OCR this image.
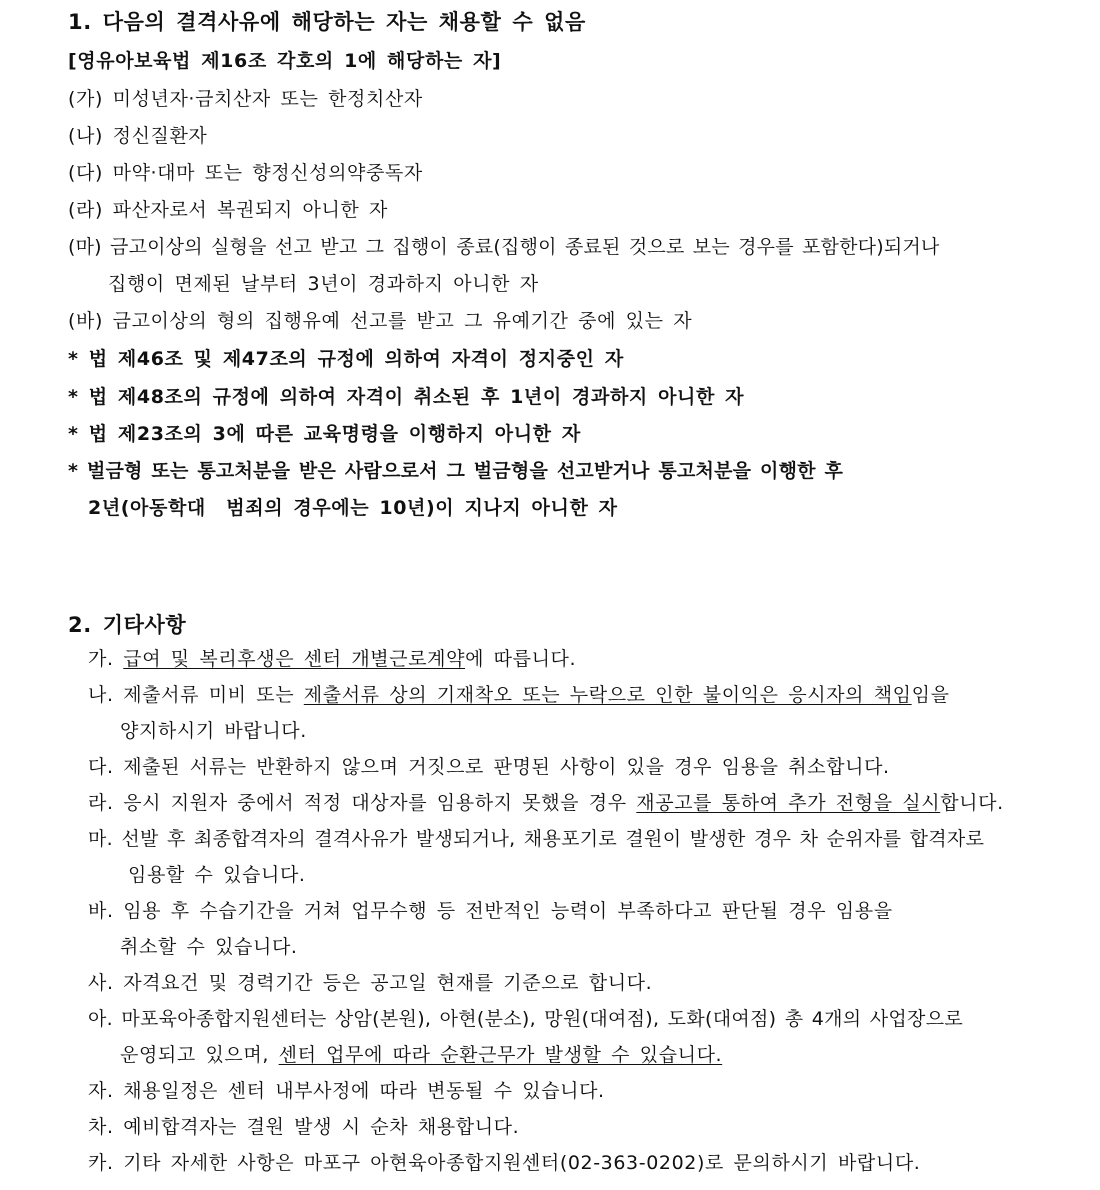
1. 다음의 결격사유에 해당하는 자는 채용할 수 없음
[영유아보육법 제16조 각호의 1에 해당하는 자]
(가) 미성년자·금치산자 또는 한정치산자
(나) 정신질환자
(다) 마약·대마 또는 향정신성의약중독자
(라) 파산자로서 복권되지 아니한 자
(마) 금고이상의 실형을 선고 받고 그 집행이 종료(집행이 종료된 것으로 보는 경우를 포함한다)되거나
집행이 면제된 날부터 3년이 경과하지 아니한 자
(바) 금고이상의 형의 집행유예 선고를 받고 그 유예기간 중에 있는 자
* 법 제46조 및 제47조의 규정에 의하여 자격이 정지중인 자
* 법 제48조의 규정에 의하여 자격이 취소된 후 1년이 경과하지 아니한 자
* 법 제23조의 3에 따른 교육명령을 이행하지 아니한 자
* 벌금형 또는 통고처분을 받은 사람으로서 그 벌금형을 선고받거나 통고처분을 이행한 후
2년(아동학대  범죄의 경우에는 10년)이 지나지 아니한 자
2. 기타사항
가. 급여 및 복리후생은 센터 개별근로계약에 따릅니다.
나. 제출서류 미비 또는 제출서류 상의 기재착오 또는 누락으로 인한 불이익은 응시자의 책임임을
양지하시기 바랍니다.
다. 제출된 서류는 반환하지 않으며 거짓으로 판명된 사항이 있을 경우 임용을 취소합니다.
라. 응시 지원자 중에서 적정 대상자를 임용하지 못했을 경우 재공고를 통하여 추가 전형을 실시합니다.
마. 선발 후 최종합격자의 결격사유가 발생되거나, 채용포기로 결원이 발생한 경우 차 순위자를 합격자로
임용할 수 있습니다.
바. 임용 후 수습기간을 거쳐 업무수행 등 전반적인 능력이 부족하다고 판단될 경우 임용을
취소할 수 있습니다.
사. 자격요건 및 경력기간 등은 공고일 현재를 기준으로 합니다.
아. 마포육아종합지원센터는 상암(본원), 아현(분소), 망원(대여점), 도화(대여점) 총 4개의 사업장으로
운영되고 있으며, 센터 업무에 따라 순환근무가 발생할 수 있습니다.
자. 채용일정은 센터 내부사정에 따라 변동될 수 있습니다.
차. 예비합격자는 결원 발생 시 순차 채용합니다.
카. 기타 자세한 사항은 마포구 아현육아종합지원센터(02-363-0202)로 문의하시기 바랍니다.
